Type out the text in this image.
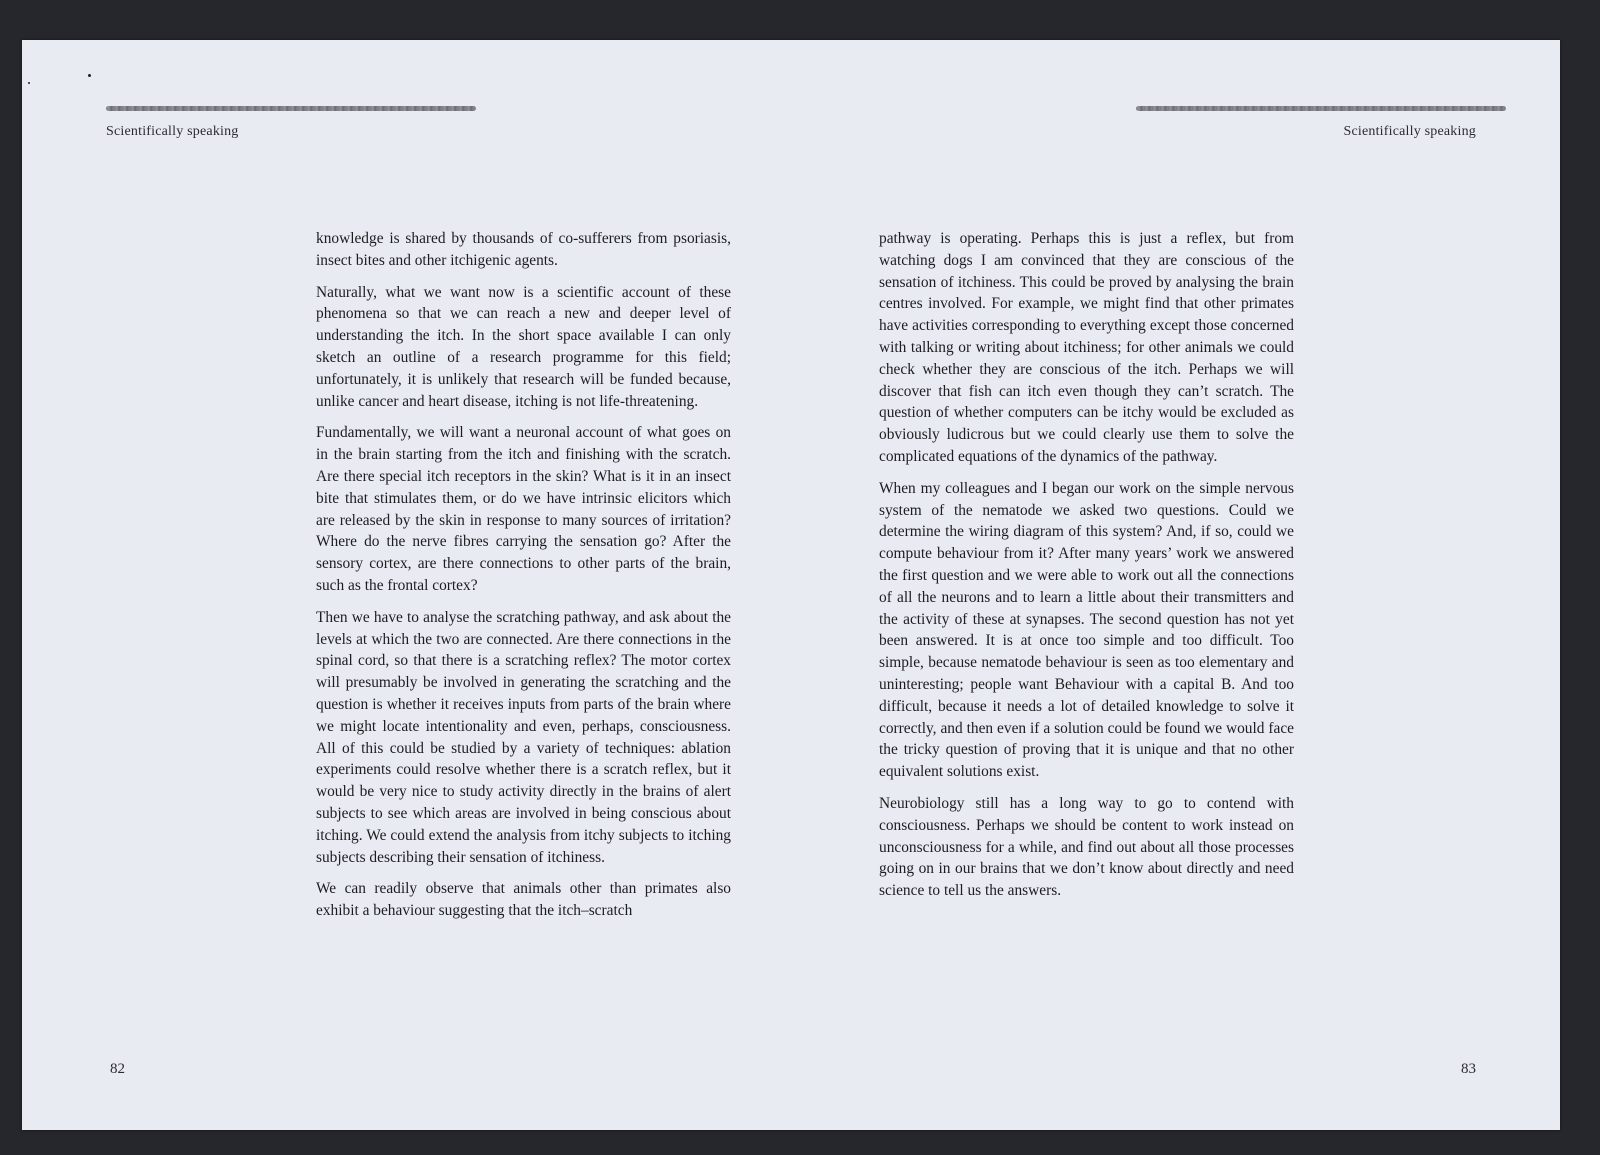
Scientifically speaking

knowledge is shared by thousands of co-sufferers from psoriasis, insect bites and other itchigenic agents.

Naturally, what we want now is a scientific account of these phenomena so that we can reach a new and deeper level of understanding the itch. In the short space available I can only sketch an outline of a research programme for this field; unfortunately, it is unlikely that research will be funded because, unlike cancer and heart disease, itching is not life-threatening.

Fundamentally, we will want a neuronal account of what goes on in the brain starting from the itch and finishing with the scratch. Are there special itch receptors in the skin? What is it in an insect bite that stimulates them, or do we have intrinsic elicitors which are released by the skin in response to many sources of irritation? Where do the nerve fibres carrying the sensation go? After the sensory cortex, are there connections to other parts of the brain, such as the frontal cortex?

Then we have to analyse the scratching pathway, and ask about the levels at which the two are connected. Are there connections in the spinal cord, so that there is a scratching reflex? The motor cortex will presumably be involved in generating the scratching and the question is whether it receives inputs from parts of the brain where we might locate intentionality and even, perhaps, consciousness. All of this could be studied by a variety of techniques: ablation experiments could resolve whether there is a scratch reflex, but it would be very nice to study activity directly in the brains of alert subjects to see which areas are involved in being conscious about itching. We could extend the analysis from itchy subjects to itching subjects describing their sensation of itchiness.

We can readily observe that animals other than primates also exhibit a behaviour suggesting that the itch–scratch

82
Scientifically speaking

pathway is operating. Perhaps this is just a reflex, but from watching dogs I am convinced that they are conscious of the sensation of itchiness. This could be proved by analysing the brain centres involved. For example, we might find that other primates have activities corresponding to everything except those concerned with talking or writing about itchiness; for other animals we could check whether they are conscious of the itch. Perhaps we will discover that fish can itch even though they can’t scratch. The question of whether computers can be itchy would be excluded as obviously ludicrous but we could clearly use them to solve the complicated equations of the dynamics of the pathway.

When my colleagues and I began our work on the simple nervous system of the nematode we asked two questions. Could we determine the wiring diagram of this system? And, if so, could we compute behaviour from it? After many years’ work we answered the first question and we were able to work out all the connections of all the neurons and to learn a little about their transmitters and the activity of these at synapses. The second question has not yet been answered. It is at once too simple and too difficult. Too simple, because nematode behaviour is seen as too elementary and uninteresting; people want Behaviour with a capital B. And too difficult, because it needs a lot of detailed knowledge to solve it correctly, and then even if a solution could be found we would face the tricky question of proving that it is unique and that no other equivalent solutions exist.

Neurobiology still has a long way to go to contend with consciousness. Perhaps we should be content to work instead on unconsciousness for a while, and find out about all those processes going on in our brains that we don’t know about directly and need science to tell us the answers.

83
